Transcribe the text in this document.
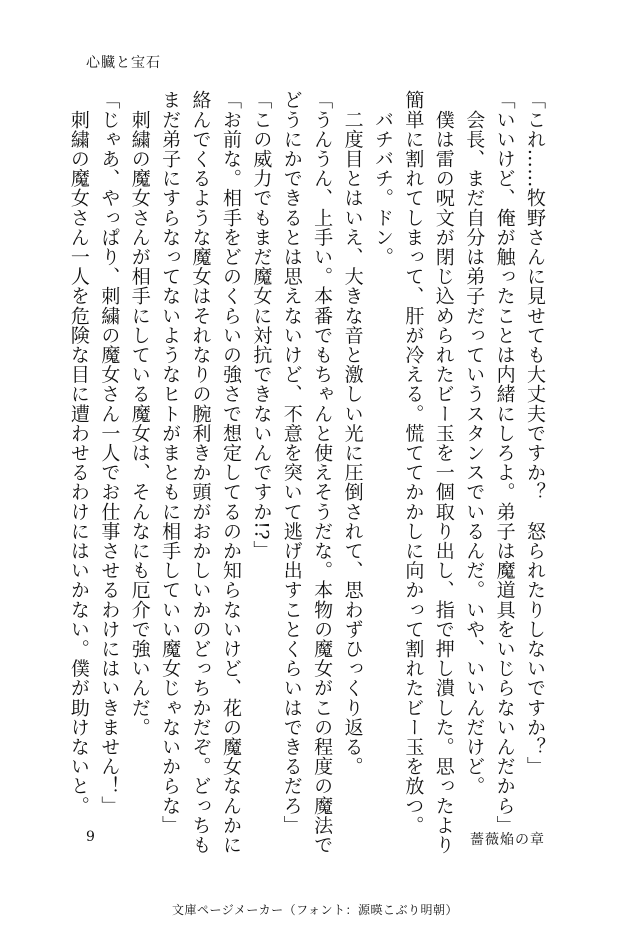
心臓と宝石

「これ……牧野さんに見せても大丈夫ですか？　怒られたりしないですか？」

「いいけど、俺が触ったことは内緒にしろよ。弟子は魔道具をいじらないんだから」

　会長、まだ自分は弟子だっていうスタンスでいるんだ。いや、いいんだけど。

　僕は雷の呪文が閉じ込められたビー玉を一個取り出し、指で押し潰した。思ったより

簡単に割れてしまって、肝が冷える。慌ててかかしに向かって割れたビー玉を放つ。

　バチバチ。ドン。

　二度目とはいえ、大きな音と激しい光に圧倒されて、思わずひっくり返る。

「うんうん、上手い。本番でもちゃんと使えそうだな。本物の魔女がこの程度の魔法で

どうにかできるとは思えないけど、不意を突いて逃げ出すことくらいはできるだろ」

「この威力でもまだ魔女に対抗できないんですか!?」

「お前な。相手をどのくらいの強さで想定してるのか知らないけど、花の魔女なんかに

絡んでくるような魔女はそれなりの腕利きか頭がおかしいかのどっちかだぞ。どっちも

まだ弟子にすらなってないようなヒトがまともに相手していい魔女じゃないからな」

　刺繍の魔女さんが相手にしている魔女は、そんなにも厄介で強いんだ。

「じゃあ、やっぱり、刺繍の魔女さん一人でお仕事させるわけにはいきません！」

　刺繍の魔女さん一人を危険な目に遭わせるわけにはいかない。僕が助けないと。

9	薔薇焔の章
文庫ページメーカー（フォント：源暎こぶり明朝）
